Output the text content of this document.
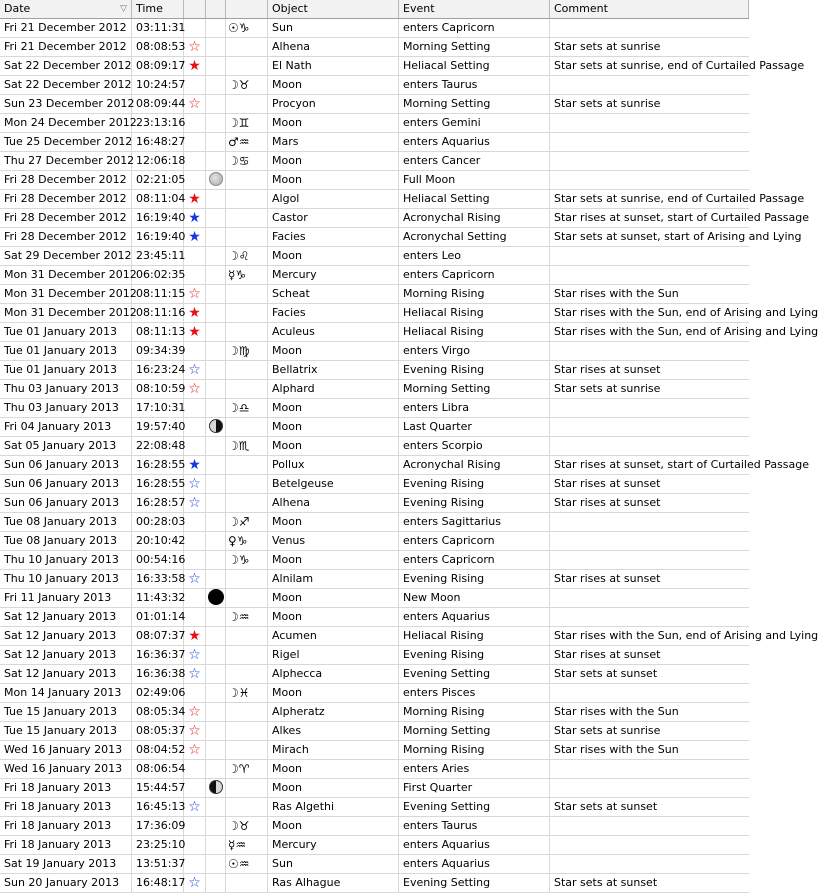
Date	▽ Time	Object	Event	Comment
Fri 21 December 2012 03:11:31	☉♑	Sun	enters Capricorn
Fri 21 December 2012 08:08:53 ☆	Alhena	Morning Setting	Star sets at sunrise
Sat 22 December 2012 08:09:17 ★	El Nath	Heliacal Setting	Star sets at sunrise, end of Curtailed Passage
Sat 22 December 2012 10:24:57	☽♉	Moon	enters Taurus
Sun 23 December 2012 08:09:44 ☆	Procyon	Morning Setting	Star sets at sunrise
Mon 24 December 2012 23:13:16	☽♊	Moon	enters Gemini
Tue 25 December 2012 16:48:27	♂♒	Mars	enters Aquarius
Thu 27 December 2012 12:06:18	☽♋	Moon	enters Cancer
Fri 28 December 2012 02:21:05	Moon	Full Moon
Fri 28 December 2012 08:11:04 ★	Algol	Heliacal Setting	Star sets at sunrise, end of Curtailed Passage
Fri 28 December 2012 16:19:40 ★	Castor	Acronychal Rising	Star rises at sunset, start of Curtailed Passage
Fri 28 December 2012 16:19:40 ★	Facies	Acronychal Setting	Star sets at sunset, start of Arising and Lying
Sat 29 December 2012 23:45:11	☽♌	Moon	enters Leo
Mon 31 December 2012 06:02:35	☿♑	Mercury	enters Capricorn
Mon 31 December 2012 08:11:15 ☆	Scheat	Morning Rising	Star rises with the Sun
Mon 31 December 2012 08:11:16 ★	Facies	Heliacal Rising	Star rises with the Sun, end of Arising and Lying
Tue 01 January 2013	08:11:13 ★	Aculeus	Heliacal Rising	Star rises with the Sun, end of Arising and Lying
Tue 01 January 2013	09:34:39	☽♍	Moon	enters Virgo
Tue 01 January 2013	16:23:24 ☆	Bellatrix	Evening Rising	Star rises at sunset
Thu 03 January 2013	08:10:59 ☆	Alphard	Morning Setting	Star sets at sunrise
Thu 03 January 2013	17:10:31	☽♎	Moon	enters Libra
Fri 04 January 2013	19:57:40	Moon	Last Quarter
Sat 05 January 2013	22:08:48	☽♏	Moon	enters Scorpio
Sun 06 January 2013	16:28:55 ★	Pollux	Acronychal Rising	Star rises at sunset, start of Curtailed Passage
Sun 06 January 2013	16:28:55 ☆	Betelgeuse	Evening Rising	Star rises at sunset
Sun 06 January 2013	16:28:57 ☆	Alhena	Evening Rising	Star rises at sunset
Tue 08 January 2013	00:28:03	☽♐	Moon	enters Sagittarius
Tue 08 January 2013	20:10:42	♀♑	Venus	enters Capricorn
Thu 10 January 2013	00:54:16	☽♑	Moon	enters Capricorn
Thu 10 January 2013	16:33:58 ☆	Alnilam	Evening Rising	Star rises at sunset
Fri 11 January 2013	11:43:32	Moon	New Moon
Sat 12 January 2013	01:01:14	☽♒	Moon	enters Aquarius
Sat 12 January 2013	08:07:37 ★	Acumen	Heliacal Rising	Star rises with the Sun, end of Arising and Lying
Sat 12 January 2013	16:36:37 ☆	Rigel	Evening Rising	Star rises at sunset
Sat 12 January 2013	16:36:38 ☆	Alphecca	Evening Setting	Star sets at sunset
Mon 14 January 2013	02:49:06	☽♓	Moon	enters Pisces
Tue 15 January 2013	08:05:34 ☆	Alpheratz	Morning Rising	Star rises with the Sun
Tue 15 January 2013	08:05:37 ☆	Alkes	Morning Setting	Star sets at sunrise
Wed 16 January 2013	08:04:52 ☆	Mirach	Morning Rising	Star rises with the Sun
Wed 16 January 2013	08:06:54	☽♈	Moon	enters Aries
Fri 18 January 2013	15:44:57	Moon	First Quarter
Fri 18 January 2013	16:45:13 ☆	Ras Algethi	Evening Setting	Star sets at sunset
Fri 18 January 2013	17:36:09	☽♉	Moon	enters Taurus
Fri 18 January 2013	23:25:10	☿♒	Mercury	enters Aquarius
Sat 19 January 2013	13:51:37	☉♒	Sun	enters Aquarius
Sun 20 January 2013	16:48:17 ☆	Ras Alhague	Evening Setting	Star sets at sunset
